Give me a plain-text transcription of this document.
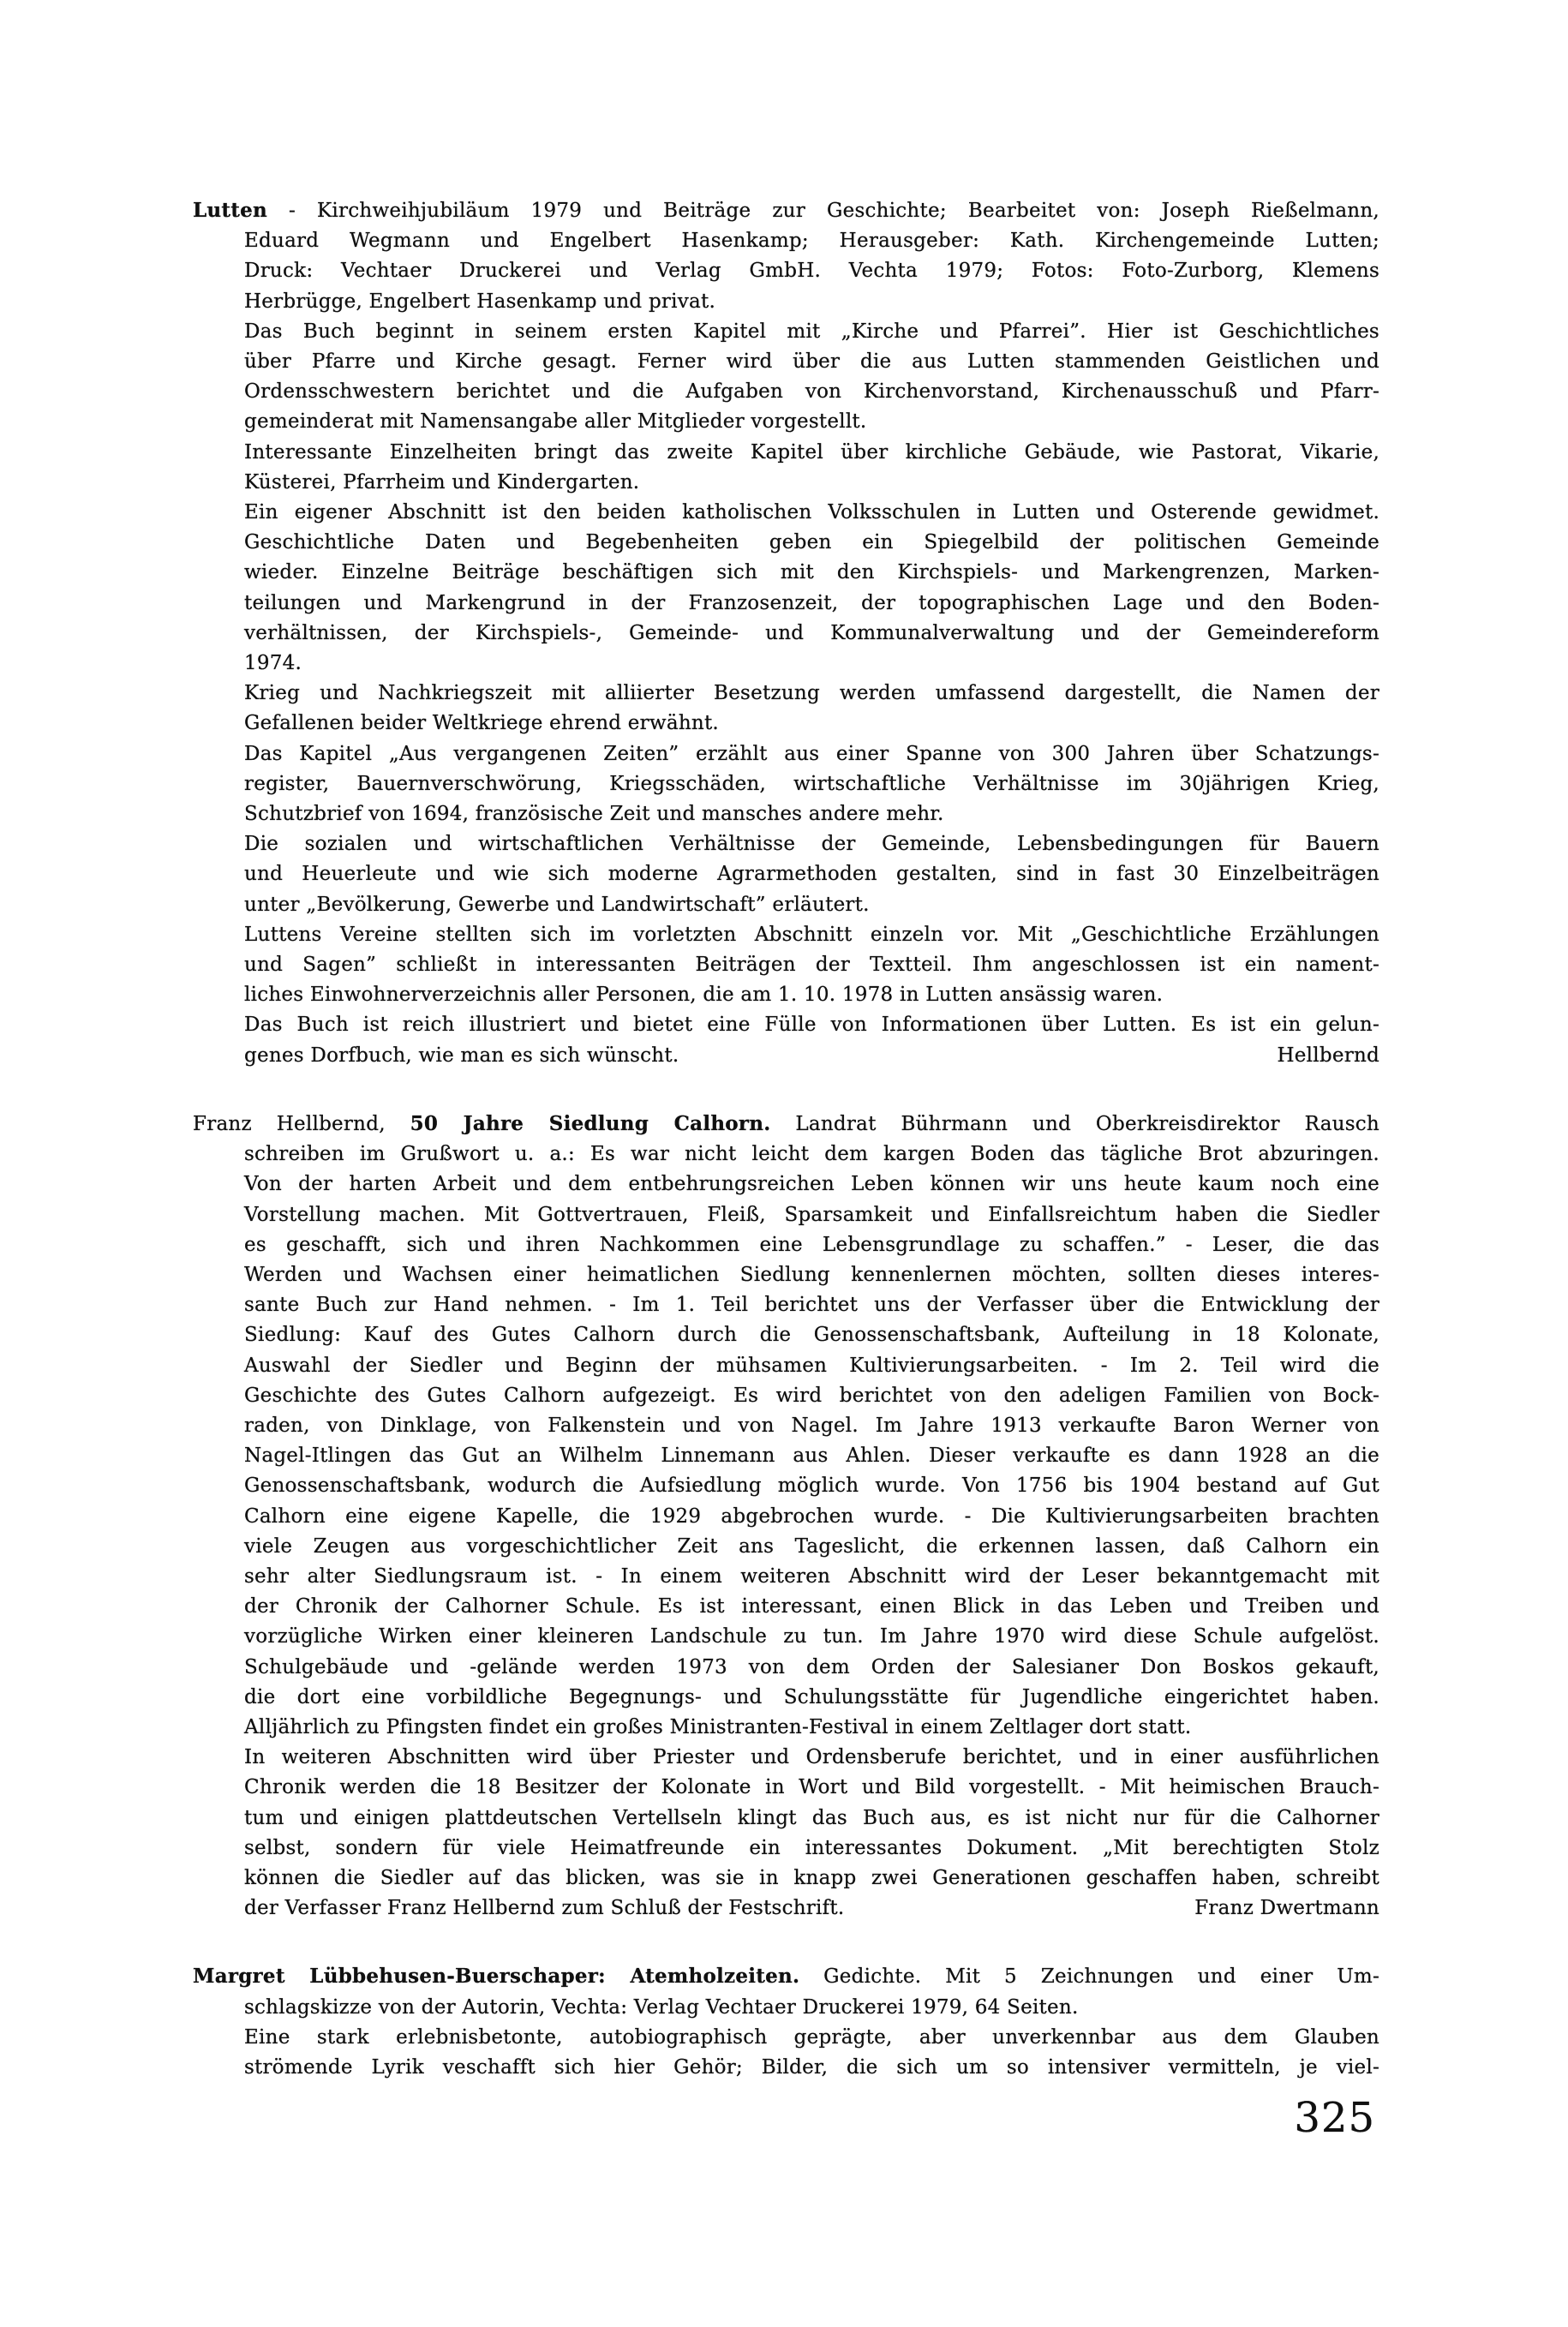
Lutten - Kirchweihjubiläum 1979 und Beiträge zur Geschichte; Bearbeitet von: Joseph Rießelmann,
Eduard Wegmann und Engelbert Hasenkamp; Herausgeber: Kath. Kirchengemeinde Lutten;
Druck: Vechtaer Druckerei und Verlag GmbH. Vechta 1979; Fotos: Foto-Zurborg, Klemens
Herbrügge, Engelbert Hasenkamp und privat.
Das Buch beginnt in seinem ersten Kapitel mit „Kirche und Pfarrei”. Hier ist Geschichtliches
über Pfarre und Kirche gesagt. Ferner wird über die aus Lutten stammenden Geistlichen und
Ordensschwestern berichtet und die Aufgaben von Kirchenvorstand, Kirchenausschuß und Pfarr-
gemeinderat mit Namensangabe aller Mitglieder vorgestellt.
Interessante Einzelheiten bringt das zweite Kapitel über kirchliche Gebäude, wie Pastorat, Vikarie,
Küsterei, Pfarrheim und Kindergarten.
Ein eigener Abschnitt ist den beiden katholischen Volksschulen in Lutten und Osterende gewidmet.
Geschichtliche Daten und Begebenheiten geben ein Spiegelbild der politischen Gemeinde
wieder. Einzelne Beiträge beschäftigen sich mit den Kirchspiels- und Markengrenzen, Marken-
teilungen und Markengrund in der Franzosenzeit, der topographischen Lage und den Boden-
verhältnissen, der Kirchspiels-, Gemeinde- und Kommunalverwaltung und der Gemeindereform
1974.
Krieg und Nachkriegszeit mit alliierter Besetzung werden umfassend dargestellt, die Namen der
Gefallenen beider Weltkriege ehrend erwähnt.
Das Kapitel „Aus vergangenen Zeiten” erzählt aus einer Spanne von 300 Jahren über Schatzungs-
register, Bauernverschwörung, Kriegsschäden, wirtschaftliche Verhältnisse im 30jährigen Krieg,
Schutzbrief von 1694, französische Zeit und mansches andere mehr.
Die sozialen und wirtschaftlichen Verhältnisse der Gemeinde, Lebensbedingungen für Bauern
und Heuerleute und wie sich moderne Agrarmethoden gestalten, sind in fast 30 Einzelbeiträgen
unter „Bevölkerung, Gewerbe und Landwirtschaft” erläutert.
Luttens Vereine stellten sich im vorletzten Abschnitt einzeln vor. Mit „Geschichtliche Erzählungen
und Sagen” schließt in interessanten Beiträgen der Textteil. Ihm angeschlossen ist ein nament-
liches Einwohnerverzeichnis aller Personen, die am 1. 10. 1978 in Lutten ansässig waren.
Das Buch ist reich illustriert und bietet eine Fülle von Informationen über Lutten. Es ist ein gelun-
genes Dorfbuch, wie man es sich wünscht.	Hellbernd
Franz Hellbernd, 50 Jahre Siedlung Calhorn. Landrat Bührmann und Oberkreisdirektor Rausch
schreiben im Grußwort u. a.: Es war nicht leicht dem kargen Boden das tägliche Brot abzuringen.
Von der harten Arbeit und dem entbehrungsreichen Leben können wir uns heute kaum noch eine
Vorstellung machen. Mit Gottvertrauen, Fleiß, Sparsamkeit und Einfallsreichtum haben die Siedler
es geschafft, sich und ihren Nachkommen eine Lebensgrundlage zu schaffen.” - Leser, die das
Werden und Wachsen einer heimatlichen Siedlung kennenlernen möchten, sollten dieses interes-
sante Buch zur Hand nehmen. - Im 1. Teil berichtet uns der Verfasser über die Entwicklung der
Siedlung: Kauf des Gutes Calhorn durch die Genossenschaftsbank, Aufteilung in 18 Kolonate,
Auswahl der Siedler und Beginn der mühsamen Kultivierungsarbeiten. - Im 2. Teil wird die
Geschichte des Gutes Calhorn aufgezeigt. Es wird berichtet von den adeligen Familien von Bock-
raden, von Dinklage, von Falkenstein und von Nagel. Im Jahre 1913 verkaufte Baron Werner von
Nagel-Itlingen das Gut an Wilhelm Linnemann aus Ahlen. Dieser verkaufte es dann 1928 an die
Genossenschaftsbank, wodurch die Aufsiedlung möglich wurde. Von 1756 bis 1904 bestand auf Gut
Calhorn eine eigene Kapelle, die 1929 abgebrochen wurde. - Die Kultivierungsarbeiten brachten
viele Zeugen aus vorgeschichtlicher Zeit ans Tageslicht, die erkennen lassen, daß Calhorn ein
sehr alter Siedlungsraum ist. - In einem weiteren Abschnitt wird der Leser bekanntgemacht mit
der Chronik der Calhorner Schule. Es ist interessant, einen Blick in das Leben und Treiben und
vorzügliche Wirken einer kleineren Landschule zu tun. Im Jahre 1970 wird diese Schule aufgelöst.
Schulgebäude und -gelände werden 1973 von dem Orden der Salesianer Don Boskos gekauft,
die dort eine vorbildliche Begegnungs- und Schulungsstätte für Jugendliche eingerichtet haben.
Alljährlich zu Pfingsten findet ein großes Ministranten-Festival in einem Zeltlager dort statt.
In weiteren Abschnitten wird über Priester und Ordensberufe berichtet, und in einer ausführlichen
Chronik werden die 18 Besitzer der Kolonate in Wort und Bild vorgestellt. - Mit heimischen Brauch-
tum und einigen plattdeutschen Vertellseln klingt das Buch aus, es ist nicht nur für die Calhorner
selbst, sondern für viele Heimatfreunde ein interessantes Dokument. „Mit berechtigten Stolz
können die Siedler auf das blicken, was sie in knapp zwei Generationen geschaffen haben, schreibt
der Verfasser Franz Hellbernd zum Schluß der Festschrift.	Franz Dwertmann
Margret Lübbehusen-Buerschaper: Atemholzeiten. Gedichte. Mit 5 Zeichnungen und einer Um-
schlagskizze von der Autorin, Vechta: Verlag Vechtaer Druckerei 1979, 64 Seiten.
Eine stark erlebnisbetonte, autobiographisch geprägte, aber unverkennbar aus dem Glauben
strömende Lyrik veschafft sich hier Gehör; Bilder, die sich um so intensiver vermitteln, je viel-
325
